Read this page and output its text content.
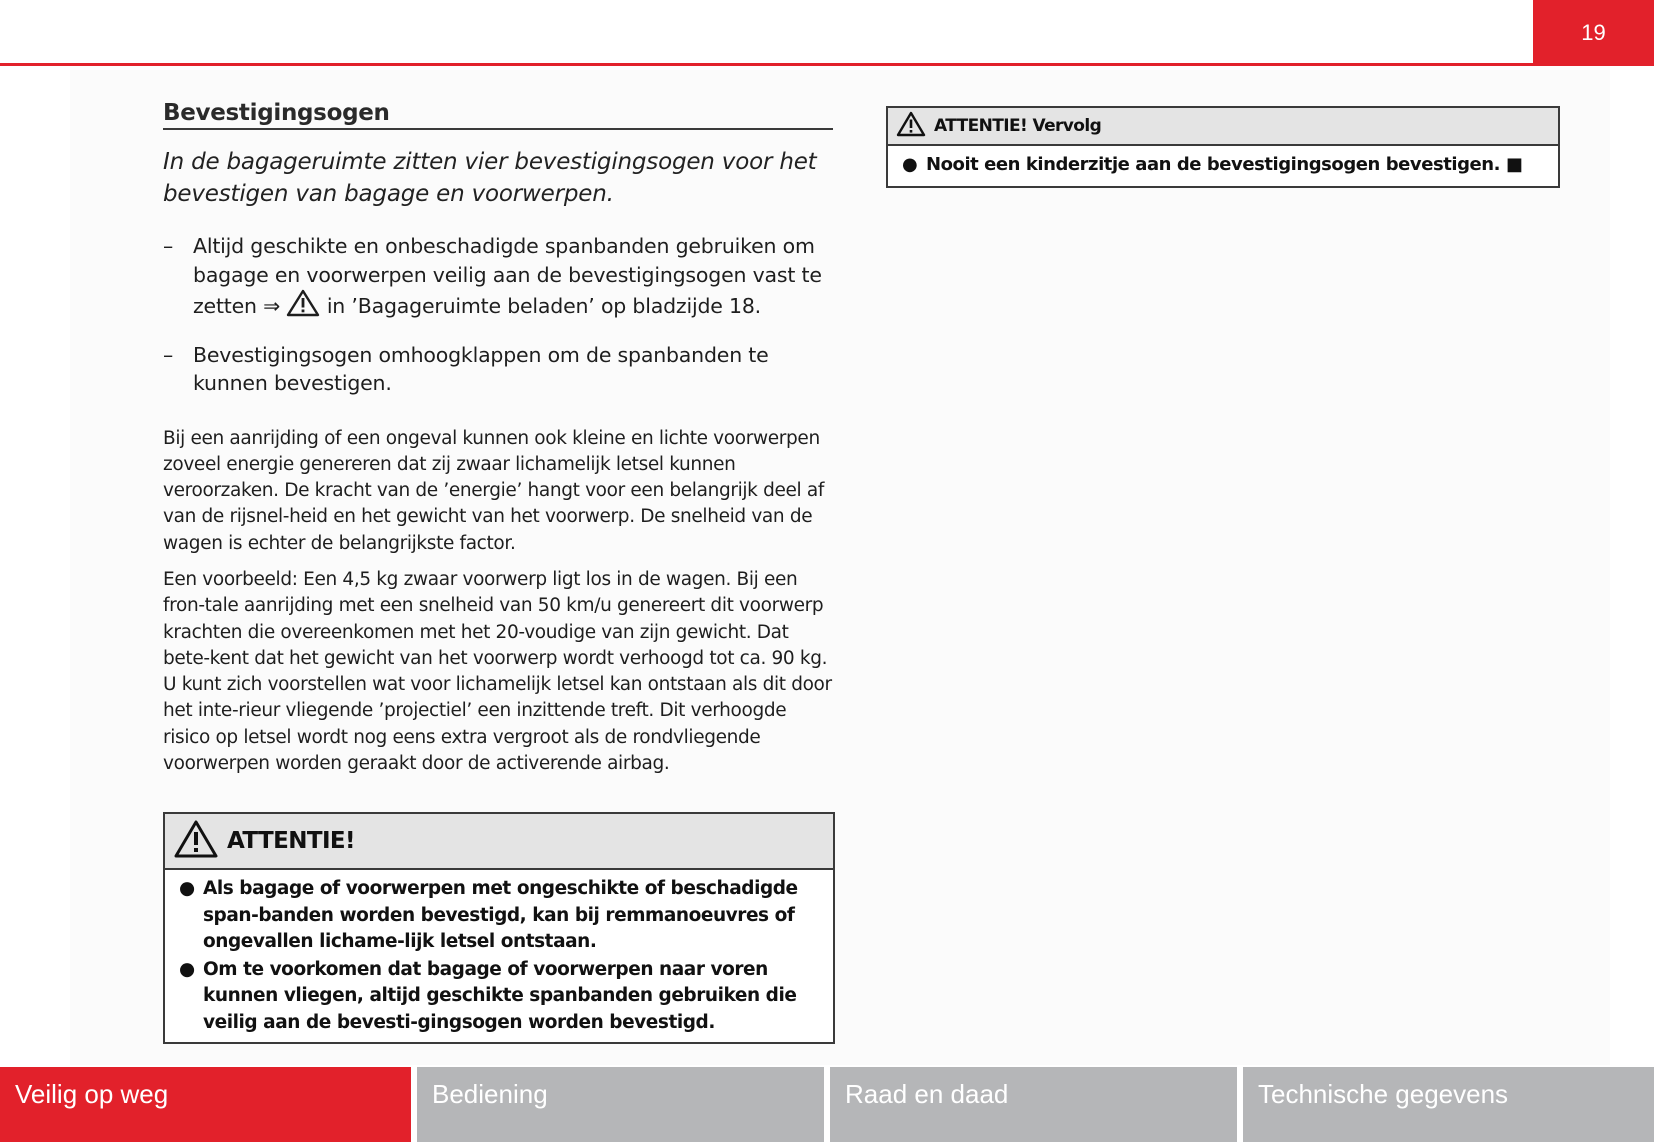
19
Bevestigingsogen
In de bagageruimte zitten vier bevestigingsogen voor het bevestigen van bagage en voorwerpen.
– Altijd geschikte en onbeschadigde spanbanden gebruiken om bagage en voorwerpen veilig aan de bevestigingsogen vast te zetten ⇒ in ’Bagageruimte beladen’ op bladzijde 18.
– Bevestigingsogen omhoogklappen om de spanbanden te kunnen bevestigen.

Bij een aanrijding of een ongeval kunnen ook kleine en lichte voorwerpen zoveel energie genereren dat zij zwaar lichamelijk letsel kunnen veroorzaken. De kracht van de ’energie’ hangt voor een belangrijk deel af van de rijsnel-heid en het gewicht van het voorwerp. De snelheid van de wagen is echter de belangrijkste factor.

Een voorbeeld: Een 4,5 kg zwaar voorwerp ligt los in de wagen. Bij een fron-tale aanrijding met een snelheid van 50 km/u genereert dit voorwerp krachten die overeenkomen met het 20-voudige van zijn gewicht. Dat bete-kent dat het gewicht van het voorwerp wordt verhoogd tot ca. 90 kg. U kunt zich voorstellen wat voor lichamelijk letsel kan ontstaan als dit door het inte-rieur vliegende ’projectiel’ een inzittende treft. Dit verhoogde risico op letsel wordt nog eens extra vergroot als de rondvliegende voorwerpen worden geraakt door de activerende airbag.

ATTENTIE!
● Als bagage of voorwerpen met ongeschikte of beschadigde span-banden worden bevestigd, kan bij remmanoeuvres of ongevallen lichame-lijk letsel ontstaan.
● Om te voorkomen dat bagage of voorwerpen naar voren kunnen vliegen, altijd geschikte spanbanden gebruiken die veilig aan de bevesti-gingsogen worden bevestigd.
ATTENTIE! Vervolg
● Nooit een kinderzitje aan de bevestigingsogen bevestigen. ■
Veilig op weg	Bediening	Raad en daad	Technische gegevens
